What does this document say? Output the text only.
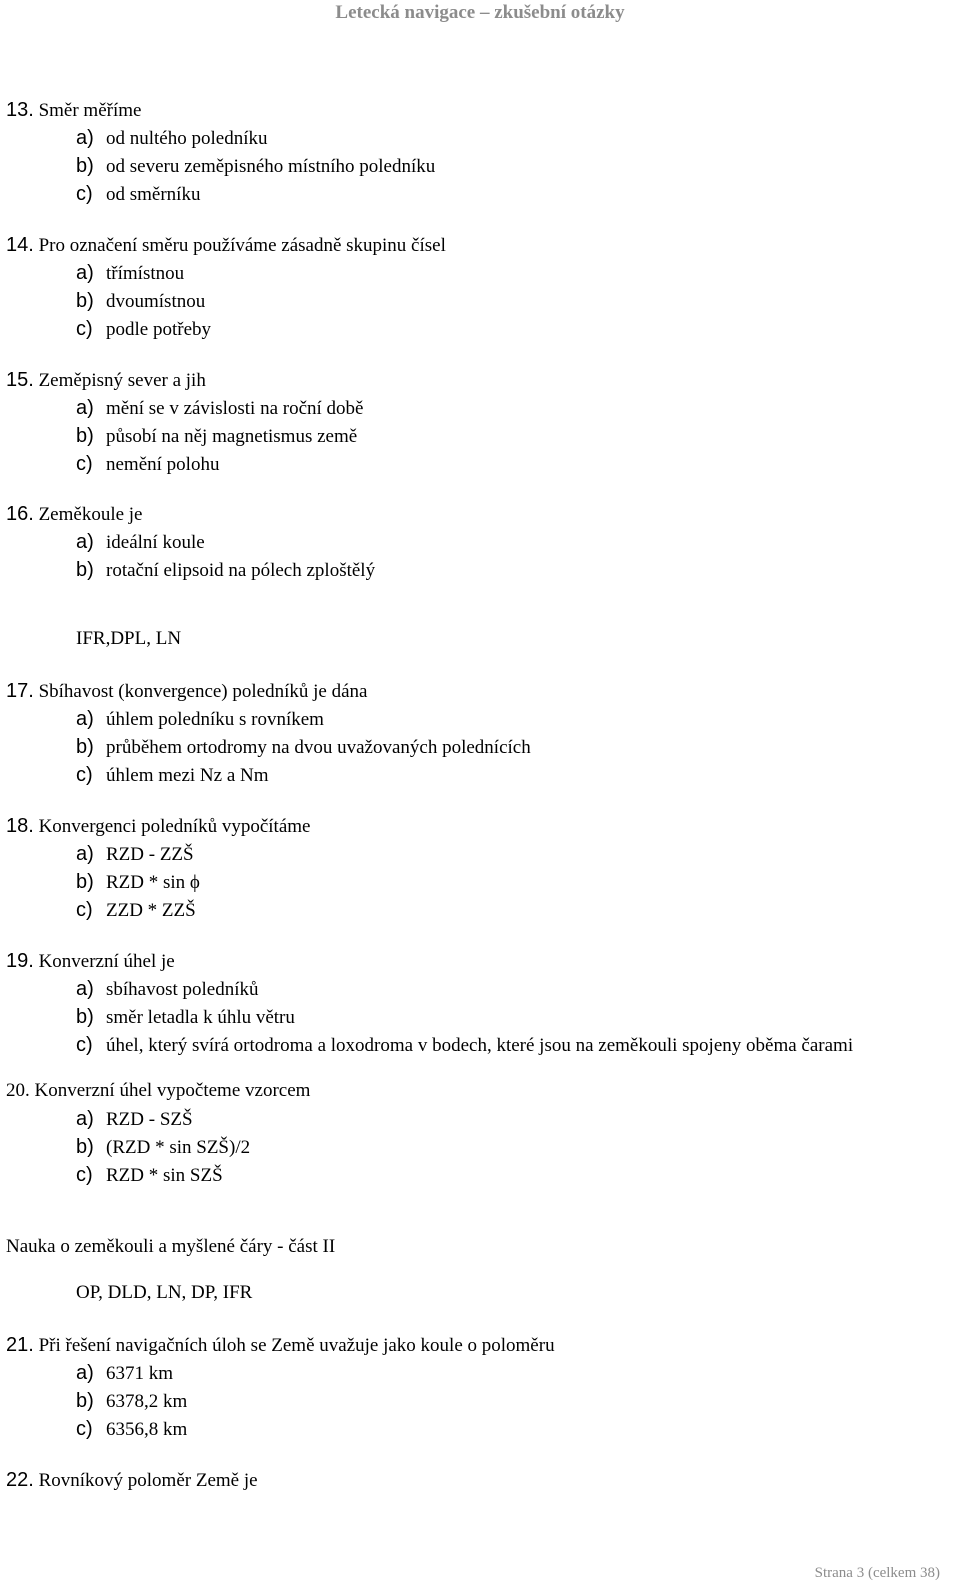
Letecká navigace – zkušební otázky
13. Směr měříme
a) od nultého poledníku
b) od severu zeměpisného místního poledníku
c) od směrníku
14. Pro označení směru používáme zásadně skupinu čísel
a) třímístnou
b) dvoumístnou
c) podle potřeby
15. Zeměpisný sever a jih
a) mění se v závislosti na roční době
b) působí na něj magnetismus země
c) nemění polohu
16. Zeměkoule je
a) ideální koule
b) rotační elipsoid na pólech zploštělý
IFR,DPL, LN
17. Sbíhavost (konvergence) poledníků je dána
a) úhlem poledníku s rovníkem
b) průběhem ortodromy na dvou uvažovaných polednících
c) úhlem mezi Nz a Nm
18. Konvergenci poledníků vypočítáme
a) RZD - ZZŠ
b) RZD * sin ϕ
c) ZZD * ZZŠ
19. Konverzní úhel je
a) sbíhavost poledníků
b) směr letadla k úhlu větru
c) úhel, který svírá ortodroma a loxodroma v bodech, které jsou na zeměkouli spojeny oběma čarami
20. Konverzní úhel vypočteme vzorcem
a) RZD - SZŠ
b) (RZD * sin SZŠ)/2
c) RZD * sin SZŠ
Nauka o zeměkouli a myšlené čáry - část II
OP, DLD, LN, DP, IFR
21. Při řešení navigačních úloh se Země uvažuje jako koule o poloměru
a) 6371 km
b) 6378,2 km
c) 6356,8 km
22. Rovníkový poloměr Země je
Strana 3 (celkem 38)
